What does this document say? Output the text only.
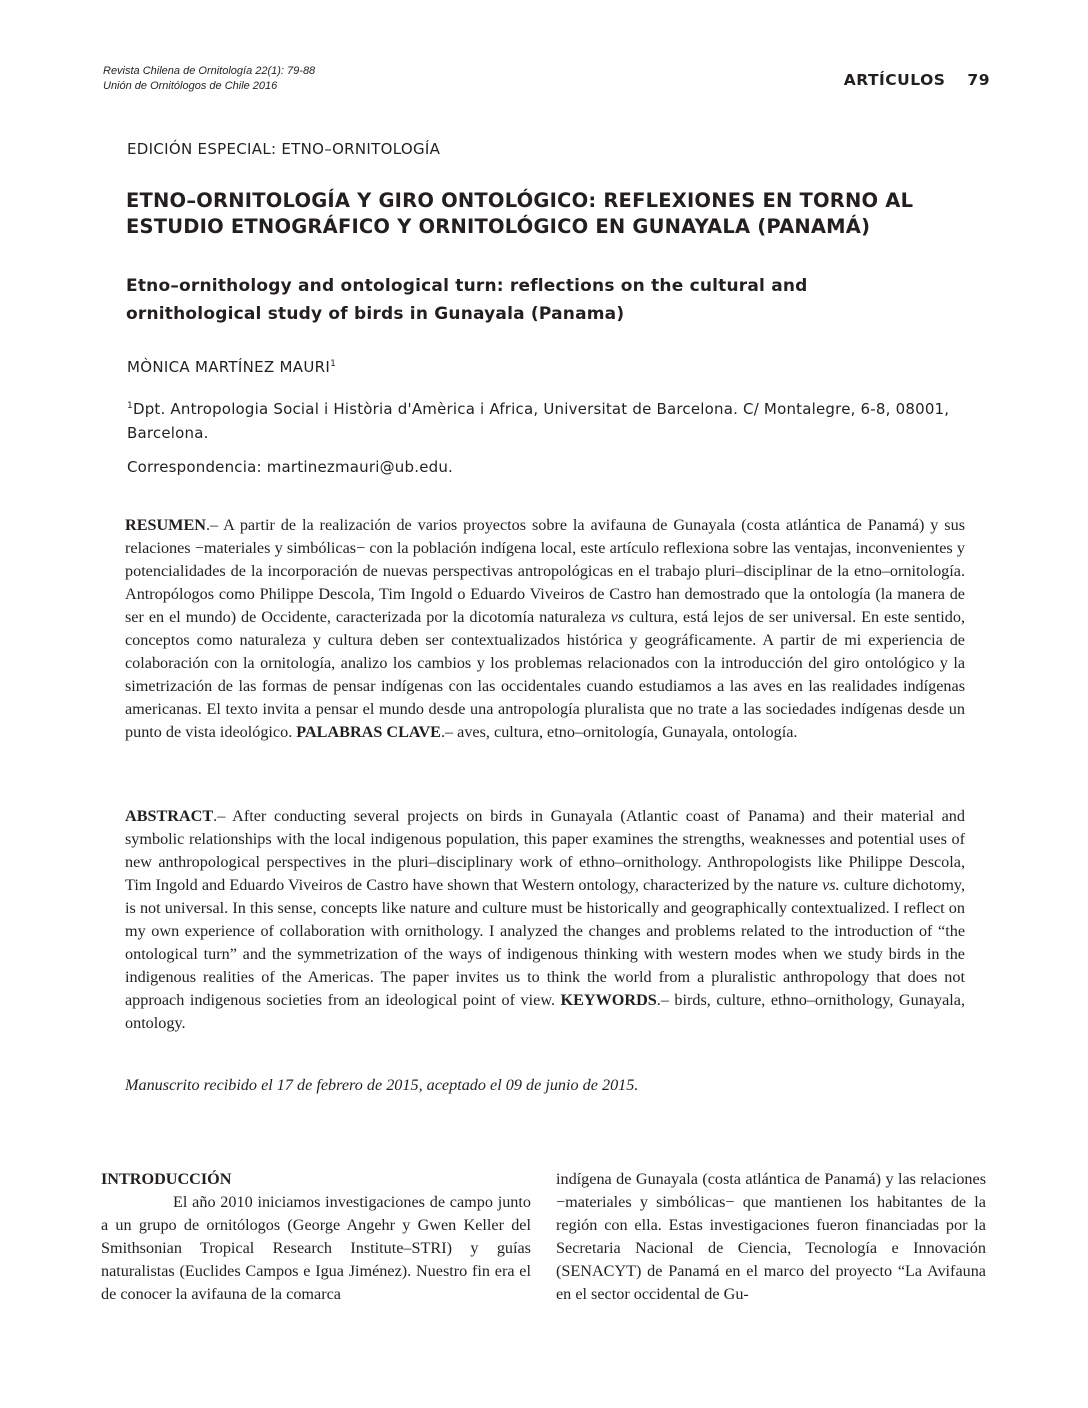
Revista Chilena de Ornitología 22(1): 79-88
Unión de Ornitólogos de Chile 2016	ARTÍCULOS 79
EDICIÓN ESPECIAL: ETNO–ORNITOLOGÍA
ETNO–ORNITOLOGÍA Y GIRO ONTOLÓGICO: REFLEXIONES EN TORNO AL ESTUDIO ETNOGRÁFICO Y ORNITOLÓGICO EN GUNAYALA (PANAMÁ)
Etno–ornithology and ontological turn: reflections on the cultural and ornithological study of birds in Gunayala (Panama)
MÒNICA MARTÍNEZ MAURI$^1$
$^1$Dpt. Antropologia Social i Història d'Amèrica i Africa, Universitat de Barcelona. C/ Montalegre, 6-8, 08001, Barcelona.
Correspondencia: martinezmauri@ub.edu.
RESUMEN.– A partir de la realización de varios proyectos sobre la avifauna de Gunayala (costa atlántica de Panamá) y sus relaciones −materiales y simbólicas− con la población indígena local, este artículo reflexiona sobre las ventajas, inconvenientes y potencialidades de la incorporación de nuevas perspectivas antropológicas en el trabajo pluri–disciplinar de la etno–ornitología. Antropólogos como Philippe Descola, Tim Ingold o Eduardo Viveiros de Castro han demostrado que la ontología (la manera de ser en el mundo) de Occidente, caracterizada por la dicotomía naturaleza vs cultura, está lejos de ser universal. En este sentido, conceptos como naturaleza y cultura deben ser contextualizados histórica y geográficamente. A partir de mi experiencia de colaboración con la ornitología, analizo los cambios y los problemas relacionados con la introducción del giro ontológico y la simetrización de las formas de pensar indígenas con las occidentales cuando estudiamos a las aves en las realidades indígenas americanas. El texto invita a pensar el mundo desde una antropología pluralista que no trate a las sociedades indígenas desde un punto de vista ideológico. PALABRAS CLAVE.– aves, cultura, etno–ornitología, Gunayala, ontología.
ABSTRACT.– After conducting several projects on birds in Gunayala (Atlantic coast of Panama) and their material and symbolic relationships with the local indigenous population, this paper examines the strengths, weaknesses and potential uses of new anthropological perspectives in the pluri–disciplinary work of ethno–ornithology. Anthropologists like Philippe Descola, Tim Ingold and Eduardo Viveiros de Castro have shown that Western ontology, characterized by the nature vs. culture dichotomy, is not universal. In this sense, concepts like nature and culture must be historically and geographically contextualized. I reflect on my own experience of collaboration with ornithology. I analyzed the changes and problems related to the introduction of “the ontological turn” and the symmetrization of the ways of indigenous thinking with western modes when we study birds in the indigenous realities of the Americas. The paper invites us to think the world from a pluralistic anthropology that does not approach indigenous societies from an ideological point of view. KEYWORDS.– birds, culture, ethno–ornithology, Gunayala, ontology.
Manuscrito recibido el 17 de febrero de 2015, aceptado el 09 de junio de 2015.
INTRODUCCIÓN

El año 2010 iniciamos investigaciones de campo junto a un grupo de ornitólogos (George Angehr y Gwen Keller del Smithsonian Tropical Research Institute–STRI) y guías naturalistas (Euclides Campos e Igua Jiménez). Nuestro fin era el de conocer la avifauna de la comarca

indígena de Gunayala (costa atlántica de Panamá) y las relaciones −materiales y simbólicas− que mantienen los habitantes de la región con ella. Estas investigaciones fueron financiadas por la Secretaria Nacional de Ciencia, Tecnología e Innovación (SENACYT) de Panamá en el marco del proyecto “La Avifauna en el sector occidental de Gu-
